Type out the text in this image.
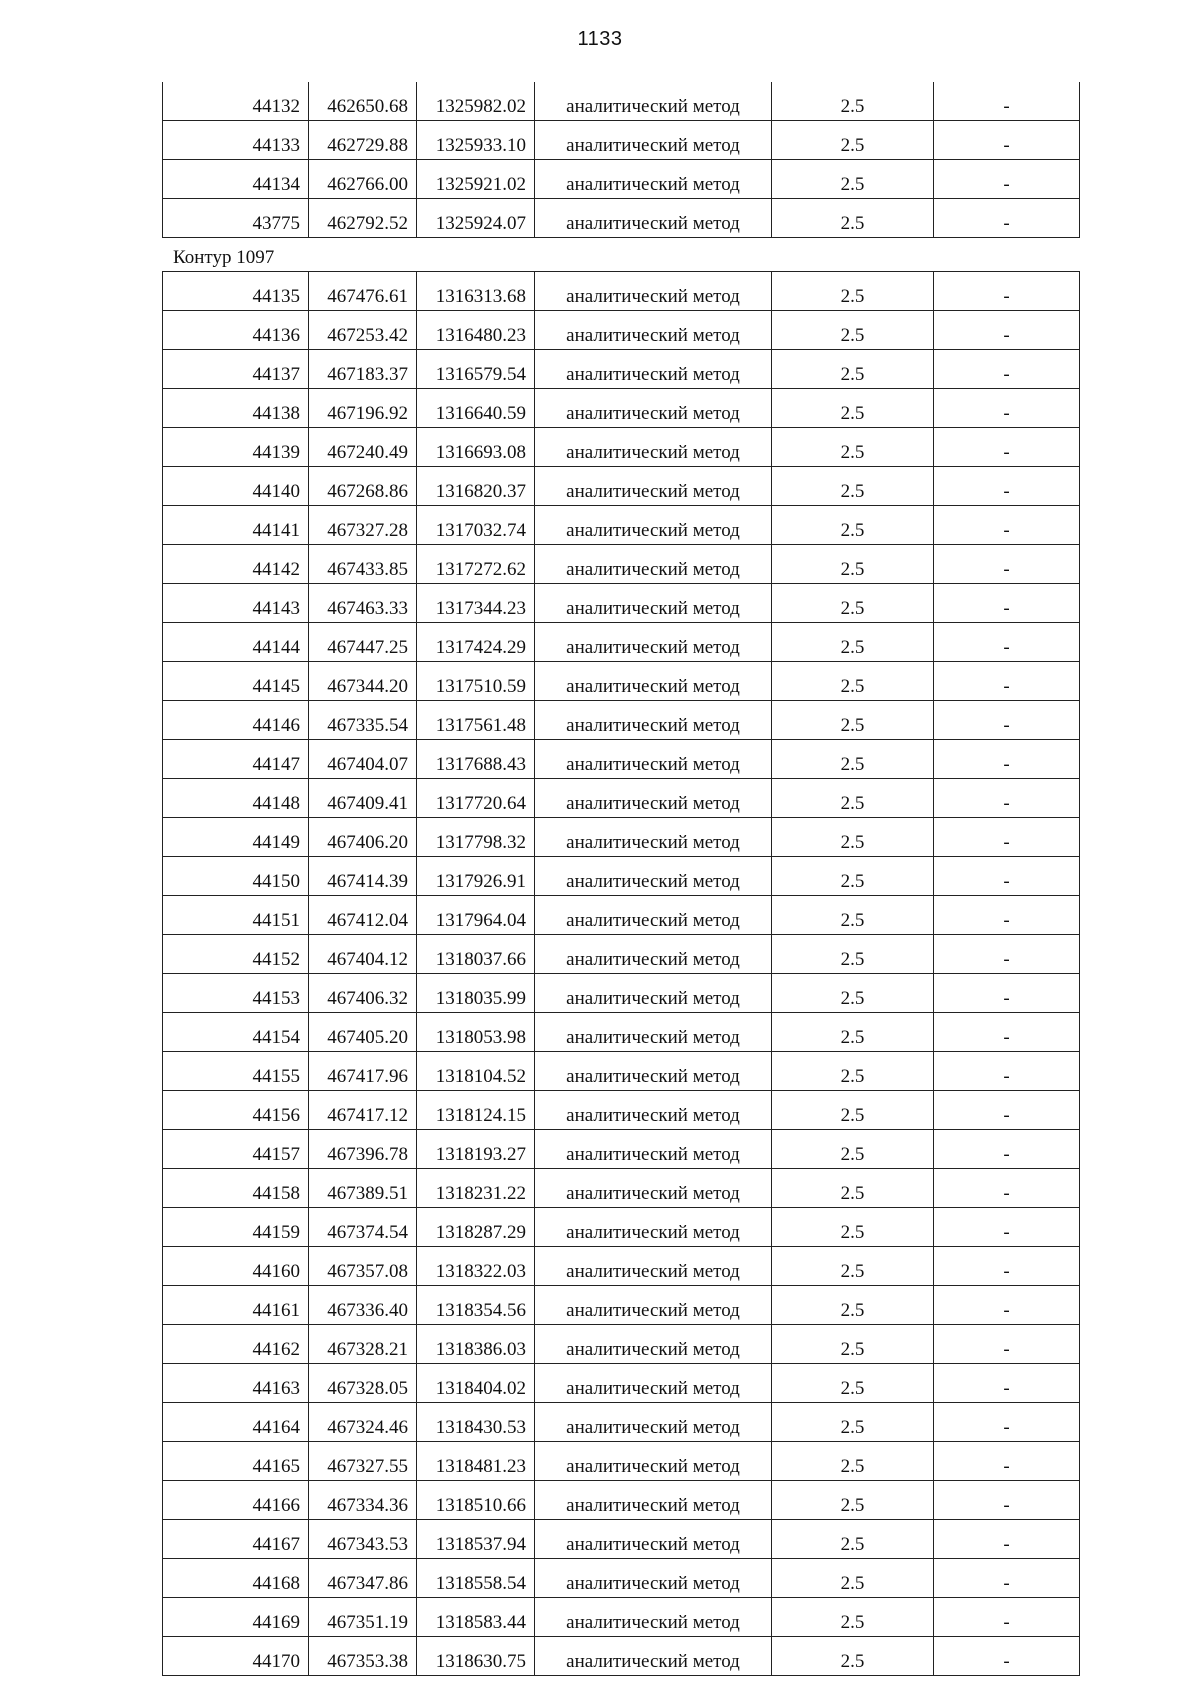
1133
44132	462650.68	1325982.02	аналитический метод	2.5	-
44133	462729.88	1325933.10	аналитический метод	2.5	-
44134	462766.00	1325921.02	аналитический метод	2.5	-
43775	462792.52	1325924.07	аналитический метод	2.5	-
Контур 1097
44135	467476.61	1316313.68	аналитический метод	2.5	-
44136	467253.42	1316480.23	аналитический метод	2.5	-
44137	467183.37	1316579.54	аналитический метод	2.5	-
44138	467196.92	1316640.59	аналитический метод	2.5	-
44139	467240.49	1316693.08	аналитический метод	2.5	-
44140	467268.86	1316820.37	аналитический метод	2.5	-
44141	467327.28	1317032.74	аналитический метод	2.5	-
44142	467433.85	1317272.62	аналитический метод	2.5	-
44143	467463.33	1317344.23	аналитический метод	2.5	-
44144	467447.25	1317424.29	аналитический метод	2.5	-
44145	467344.20	1317510.59	аналитический метод	2.5	-
44146	467335.54	1317561.48	аналитический метод	2.5	-
44147	467404.07	1317688.43	аналитический метод	2.5	-
44148	467409.41	1317720.64	аналитический метод	2.5	-
44149	467406.20	1317798.32	аналитический метод	2.5	-
44150	467414.39	1317926.91	аналитический метод	2.5	-
44151	467412.04	1317964.04	аналитический метод	2.5	-
44152	467404.12	1318037.66	аналитический метод	2.5	-
44153	467406.32	1318035.99	аналитический метод	2.5	-
44154	467405.20	1318053.98	аналитический метод	2.5	-
44155	467417.96	1318104.52	аналитический метод	2.5	-
44156	467417.12	1318124.15	аналитический метод	2.5	-
44157	467396.78	1318193.27	аналитический метод	2.5	-
44158	467389.51	1318231.22	аналитический метод	2.5	-
44159	467374.54	1318287.29	аналитический метод	2.5	-
44160	467357.08	1318322.03	аналитический метод	2.5	-
44161	467336.40	1318354.56	аналитический метод	2.5	-
44162	467328.21	1318386.03	аналитический метод	2.5	-
44163	467328.05	1318404.02	аналитический метод	2.5	-
44164	467324.46	1318430.53	аналитический метод	2.5	-
44165	467327.55	1318481.23	аналитический метод	2.5	-
44166	467334.36	1318510.66	аналитический метод	2.5	-
44167	467343.53	1318537.94	аналитический метод	2.5	-
44168	467347.86	1318558.54	аналитический метод	2.5	-
44169	467351.19	1318583.44	аналитический метод	2.5	-
44170	467353.38	1318630.75	аналитический метод	2.5	-
